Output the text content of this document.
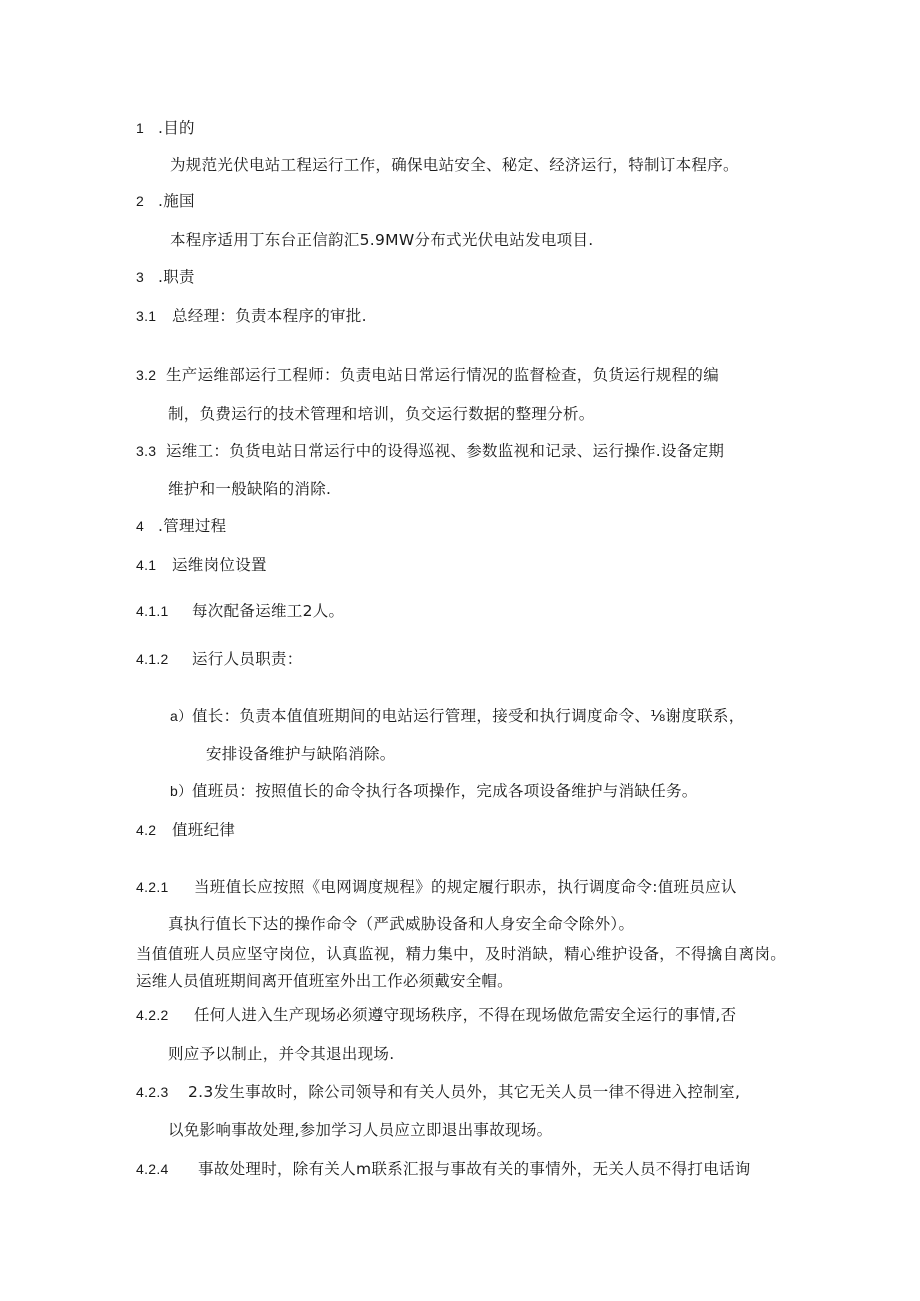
1 .目的
为规范光伏电站工程运行工作，确保电站安全、秘定、经济运行，特制订本程序。
2 .施国
本程序适用丁东台正信韵汇5.9MW分布式光伏电站发电项目.
3 .职责
3.1 总经理：负责本程序的审批.
3.2 生产运维部运行工程师：负责电站日常运行情况的监督检查，负货运行规程的编
制，负费运行的技术管理和培训，负交运行数据的整理分析。
3.3 运维工：负货电站日常运行中的设得巡视、参数监视和记录、运行操作.设备定期
维护和一般缺陷的消除.
4 .管理过程
4.1 运维岗位设置
4.1.1 每次配备运维工2人。
4.1.2 运行人员职责：
a）值长：负责本值值班期间的电站运行管理，接受和执行调度命令、⅛谢度联系，
安排设备维护与缺陷消除。
b）值班员：按照值长的命令执行各项操作，完成各项设备维护与消缺任务。
4.2 值班纪律
4.2.1 当班值长应按照《电网调度规程》的规定履行职赤，执行调度命令:值班员应认
真执行值长下达的操作命令（严武威胁设备和人身安全命令除外）。
当值值班人员应坚守岗位，认真监视，精力集中，及时消缺，精心维护设备，不得擒自离岗。运维人员值班期间离开值班室外出工作必须戴安全帽。
4.2.2 任何人进入生产现场必须遵守现场秩序，不得在现场做危需安全运行的事情,否
则应予以制止，并令其退出现场.
4.2.3 2.3发生事故时，除公司领导和有关人员外，其它无关人员一律不得进入控制室,
以免影响事故处理,参加学习人员应立即退出事故现场。
4.2.4 事故处理时，除有关人m联系汇报与事故有关的事情外，无关人员不得打电话询
